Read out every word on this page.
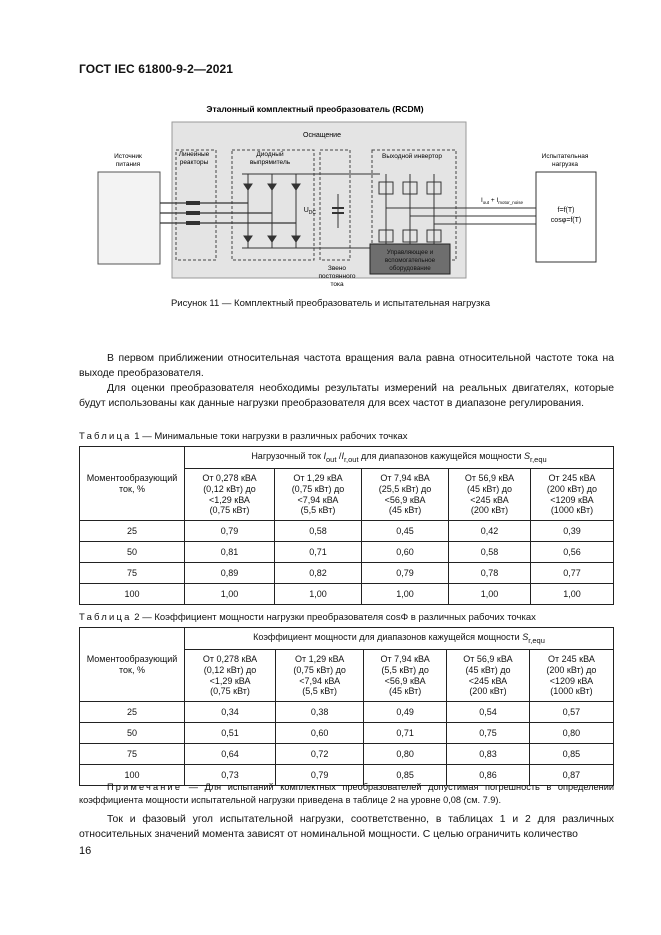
ГОСТ IEC 61800-9-2—2021
Эталонный комплектный преобразователь (RCDM)
Оснащение
Источник
питания
Линейные
реакторы
Диодный
выпрямитель
$U_{DC}$
Звено
постоянного
тока
Выходной инвертор
Управляющее и
вспомогательное
оборудование
$I_{out} + I_{motor\_noise}$
Испытательная
нагрузка
f=f(T)
cosφ=f(T)
Рисунок 11 — Комплектный преобразователь и испытательная нагрузка
В первом приближении относительная частота вращения вала равна относительной частоте тока на выходе преобразователя.
Для оценки преобразователя необходимы результаты измерений на реальных двигателях, которые будут использованы как данные нагрузки преобразователя для всех частот в диапазоне регулирования.
Таблица 1 — Минимальные токи нагрузки в различных рабочих точках
Моментообразующий
ток, %	Нагрузочный ток $I_{out}$ $/I_{r,out}$ для диапазонов кажущейся мощности $S_{r,equ}$
	От 0,278 кВА
(0,12 кВт) до
<1,29 кВА
(0,75 кВт)	От 1,29 кВА
(0,75 кВт) до
<7,94 кВА
(5,5 кВт)	От 7,94 кВА
(25,5 кВт) до
<56,9 кВА
(45 кВт)	От 56,9 кВА
(45 кВт) до
<245 кВА
(200 кВт)	От 245 кВА
(200 кВт) до
<1209 кВА
(1000 кВт)
25	0,79	0,58	0,45	0,42	0,39
50	0,81	0,71	0,60	0,58	0,56
75	0,89	0,82	0,79	0,78	0,77
100	1,00	1,00	1,00	1,00	1,00
Таблица 2 — Коэффициент мощности нагрузки преобразователя cosΦ в различных рабочих точках
Моментообразующий
ток, %	Коэффициент мощности для диапазонов кажущейся мощности $S_{r,equ}$
	От 0,278 кВА
(0,12 кВт) до
<1,29 кВА
(0,75 кВт)	От 1,29 кВА
(0,75 кВт) до
<7,94 кВА
(5,5 кВт)	От 7,94 кВА
(5,5 кВт) до
<56,9 кВА
(45 кВт)	От 56,9 кВА
(45 кВт) до
<245 кВА
(200 кВт)	От 245 кВА
(200 кВт) до
<1209 кВА
(1000 кВт)
25	0,34	0,38	0,49	0,54	0,57
50	0,51	0,60	0,71	0,75	0,80
75	0,64	0,72	0,80	0,83	0,85
100	0,73	0,79	0,85	0,86	0,87
Примечание — Для испытаний комплектных преобразователей допустимая погрешность в определении коэффициента мощности испытательной нагрузки приведена в таблице 2 на уровне 0,08 (см. 7.9).
Ток и фазовый угол испытательной нагрузки, соответственно, в таблицах 1 и 2 для различных относительных значений момента зависят от номинальной мощности. С целью ограничить количество
16
